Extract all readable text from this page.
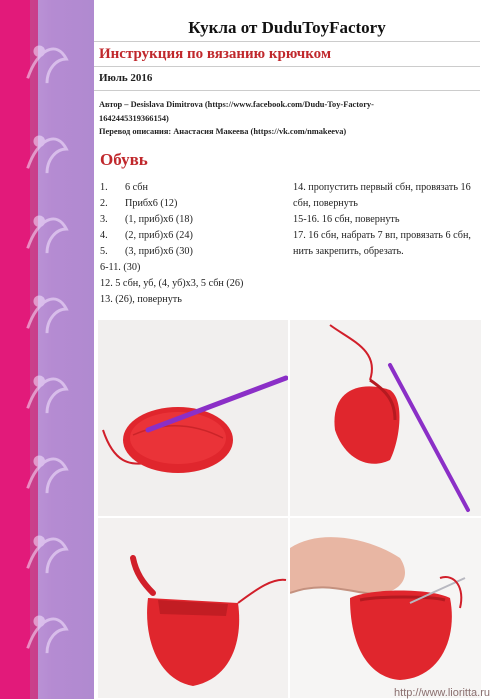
Кукла от DuduToyFactory
Инструкция по вязанию крючком
Июль 2016
Автор – Desislava Dimitrova (https://www.facebook.com/Dudu-Toy-Factory-
1642445319366154)
Перевод описания: Анастасия Макеева (https://vk.com/nmakeeva)
Обувь
1. 6 сбн
2. Прибх6 (12)
3. (1, приб)х6 (18)
4. (2, приб)х6 (24)
5. (3, приб)х6 (30)
6-11. (30)
12. 5 сбн, уб, (4, уб)х3, 5 сбн (26)
13. (26), повернуть
14. пропустить первый сбн, провязать 16 сбн, повернуть
15-16. 16 сбн, повернуть
17. 16 сбн, набрать 7 вп, провязать 6 сбн, нить закрепить, обрезать.
http://www.lioritta.ru
